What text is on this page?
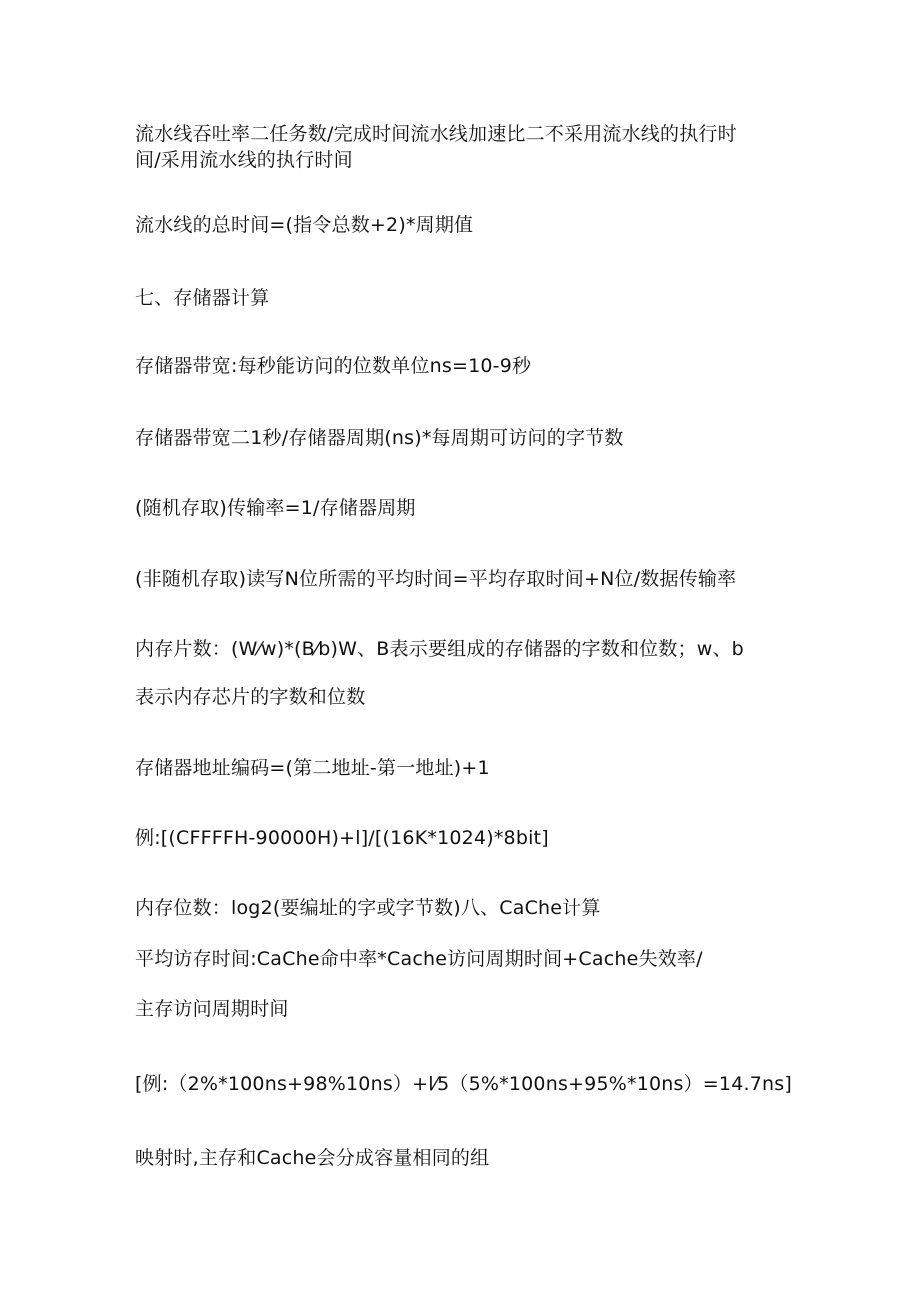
流水线吞吐率二任务数/完成时间流水线加速比二不采用流水线的执行时

间/采用流水线的执行时间

流水线的总时间=(指令总数+2)*周期值

七、存储器计算

存储器带宽:每秒能访问的位数单位ns=10-9秒

存储器带宽二1秒/存储器周期(ns)*每周期可访问的字节数

(随机存取)传输率=1/存储器周期

(非随机存取)读写N位所需的平均时间=平均存取时间+N位/数据传输率

内存片数：(W⁄w)*(B⁄b)W、B表示要组成的存储器的字数和位数；w、b

表示内存芯片的字数和位数

存储器地址编码=(第二地址-第一地址)+1

例:[(CFFFFH-90000H)+l]/[(16K*1024)*8bit]

内存位数：log2(要编址的字或字节数)八、CaChe计算

平均访存时间:CaChe命中率*Cache访问周期时间+Cache失效率/

主存访问周期时间

[例:（2%*100ns+98%10ns）+l⁄5（5%*100ns+95%*10ns）=14.7ns]

映射时,主存和Cache会分成容量相同的组
